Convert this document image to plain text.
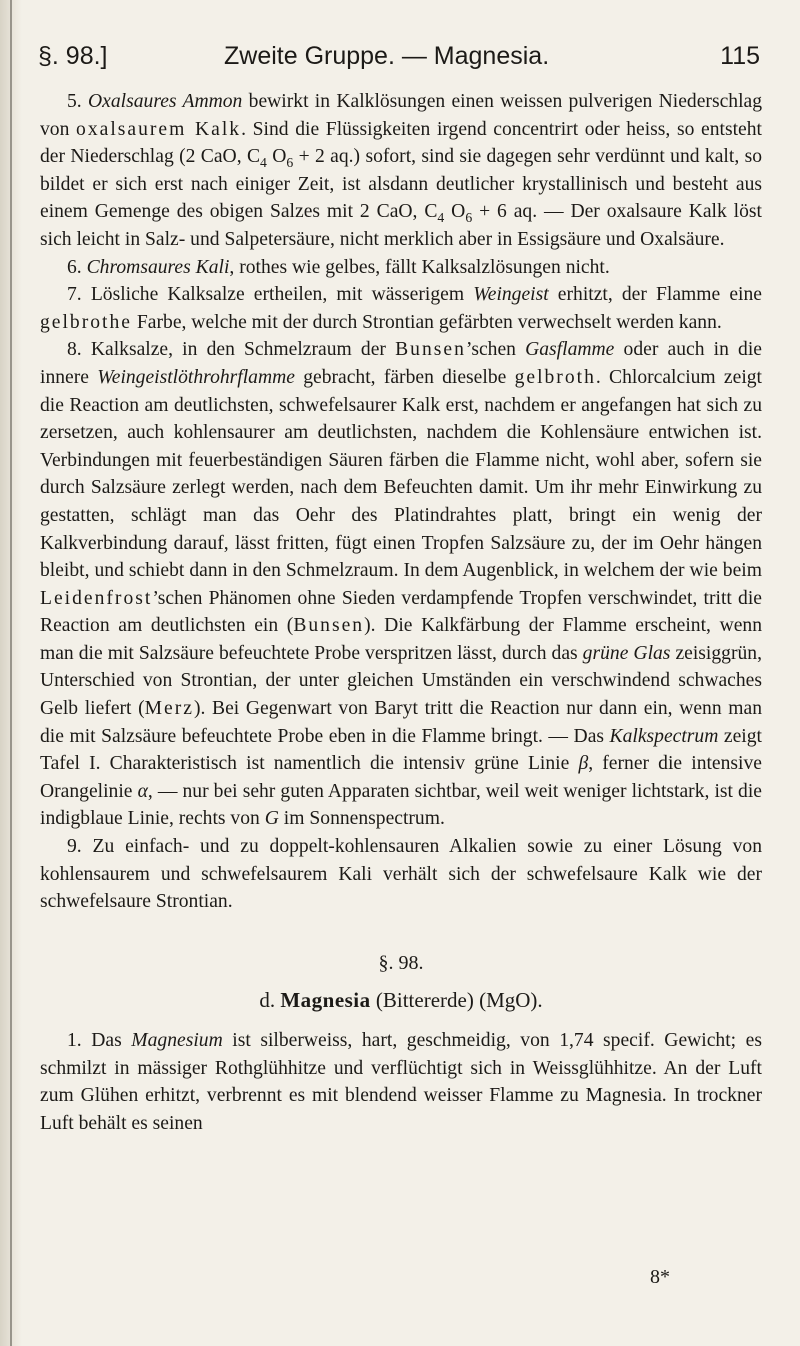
§. 98.]	Zweite Gruppe. — Magnesia.	115

5. Oxalsaures Ammon bewirkt in Kalklösungen einen weissen pulverigen Niederschlag von oxalsaurem Kalk. Sind die Flüssigkeiten irgend concentrirt oder heiss, so entsteht der Niederschlag (2 CaO, $C_4$ $O_6 + 2$ aq.) sofort, sind sie dagegen sehr verdünnt und kalt, so bildet er sich erst nach einiger Zeit, ist alsdann deutlicher krystallinisch und besteht aus einem Gemenge des obigen Salzes mit 2 CaO, $C_4$ $O_6 + 6$ aq. — Der oxalsaure Kalk löst sich leicht in Salz- und Salpetersäure, nicht merklich aber in Essigsäure und Oxalsäure.

6. Chromsaures Kali, rothes wie gelbes, fällt Kalksalzlösungen nicht.

7. Lösliche Kalksalze ertheilen, mit wässerigem Weingeist erhitzt, der Flamme eine gelbrothe Farbe, welche mit der durch Strontian gefärbten verwechselt werden kann.

8. Kalksalze, in den Schmelzraum der Bunsen’schen Gasflamme oder auch in die innere Weingeistlöthrohrflamme gebracht, färben dieselbe gelbroth. Chlorcalcium zeigt die Reaction am deutlichsten, schwefelsaurer Kalk erst, nachdem er angefangen hat sich zu zersetzen, auch kohlensaurer am deutlichsten, nachdem die Kohlensäure entwichen ist. Verbindungen mit feuerbeständigen Säuren färben die Flamme nicht, wohl aber, sofern sie durch Salzsäure zerlegt werden, nach dem Befeuchten damit. Um ihr mehr Einwirkung zu gestatten, schlägt man das Oehr des Platindrahtes platt, bringt ein wenig der Kalkverbindung darauf, lässt fritten, fügt einen Tropfen Salzsäure zu, der im Oehr hängen bleibt, und schiebt dann in den Schmelzraum. In dem Augenblick, in welchem der wie beim Leidenfrost’schen Phänomen ohne Sieden verdampfende Tropfen verschwindet, tritt die Reaction am deutlichsten ein (Bunsen). Die Kalkfärbung der Flamme erscheint, wenn man die mit Salzsäure befeuchtete Probe verspritzen lässt, durch das grüne Glas zeisiggrün, Unterschied von Strontian, der unter gleichen Umständen ein verschwindend schwaches Gelb liefert (Merz). Bei Gegenwart von Baryt tritt die Reaction nur dann ein, wenn man die mit Salzsäure befeuchtete Probe eben in die Flamme bringt. — Das Kalkspectrum zeigt Tafel I. Charakteristisch ist namentlich die intensiv grüne Linie β, ferner die intensive Orangelinie α, — nur bei sehr guten Apparaten sichtbar, weil weit weniger lichtstark, ist die indigblaue Linie, rechts von G im Sonnenspectrum.

9. Zu einfach- und zu doppelt-kohlensauren Alkalien sowie zu einer Lösung von kohlensaurem und schwefelsaurem Kali verhält sich der schwefelsaure Kalk wie der schwefelsaure Strontian.

§. 98.
d. Magnesia (Bittererde) (MgO).

1. Das Magnesium ist silberweiss, hart, geschmeidig, von 1,74 specif. Gewicht; es schmilzt in mässiger Rothglühhitze und verflüchtigt sich in Weissglühhitze. An der Luft zum Glühen erhitzt, verbrennt es mit blendend weisser Flamme zu Magnesia. In trockner Luft behält es seinen

8*
